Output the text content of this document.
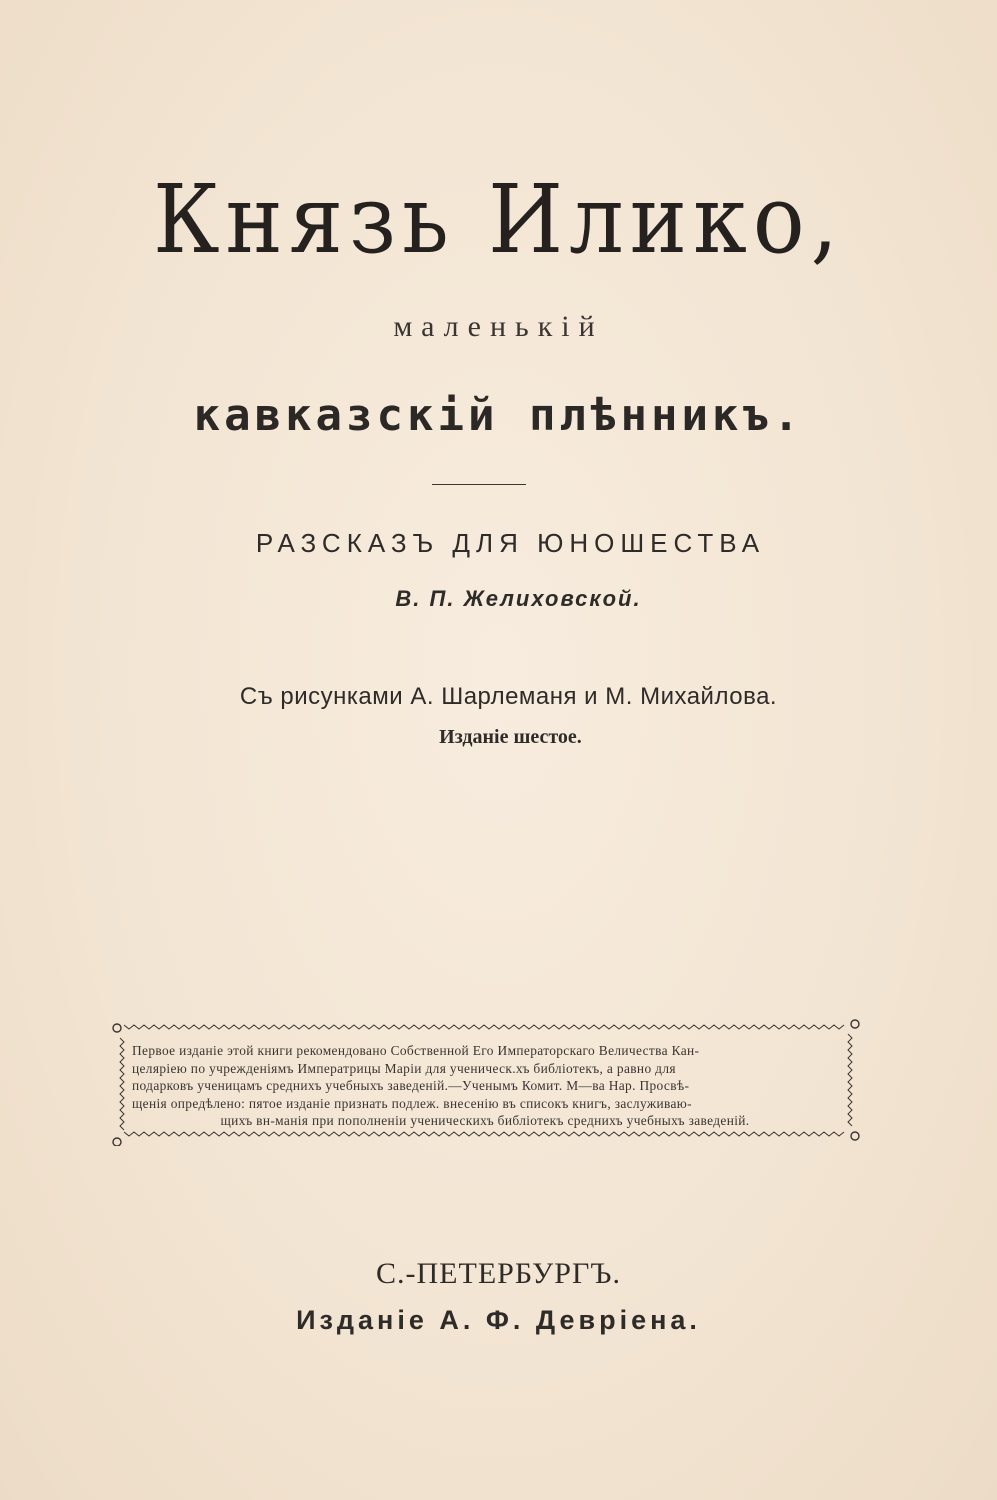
Князь Илико,
маленькій
кавказскій плѣнникъ.
РАЗСКАЗЪ ДЛЯ ЮНОШЕСТВА
В. П. Желиховской.
Съ рисунками А. Шарлеманя и М. Михайлова.
Изданіе шестое.
Первое изданіе этой книги рекомендовано Собственной Его Императорскаго Величества Кан-
целяріею по учрежденіямъ Императрицы Маріи для ученическ.хъ библіотекъ, а равно для
подарковъ ученицамъ среднихъ учебныхъ заведеній.—Ученымъ Комит. М—ва Нар. Просвѣ-
щенія опредѣлено: пятое изданіе признать подлеж. внесенію въ списокъ книгъ, заслуживаю-
щихъ вн-манія при пополненіи ученическихъ библіотекъ среднихъ учебныхъ заведеній.
С.-ПЕТЕРБУРГЪ.
Изданіе А. Ф. Девріена.
